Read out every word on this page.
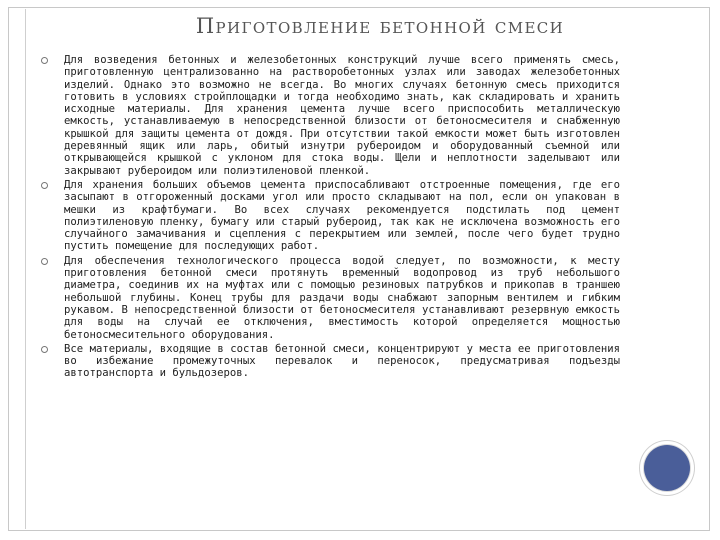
Приготовление бетонной смеси
Для возведения бетонных и железобетонных конструкций лучше всего применять смесь, приготовленную централизованно на растворобетонных узлах или заводах железобетонных изделий. Однако это возможно не всегда. Во многих случаях бетонную смесь приходится готовить в условиях стройплощадки и тогда необходимо знать, как складировать и хранить исходные материалы. Для хранения цемента лучше всего приспособить металлическую емкость, устанавливаемую в непосредственной близости от бетоносмесителя и снабженную крышкой для защиты цемента от дождя. При отсутствии такой емкости может быть изготовлен деревянный ящик или ларь, обитый изнутри рубероидом и оборудованный съемной или открывающейся крышкой с уклоном для стока воды. Щели и неплотности заделывают или закрывают рубероидом или полиэтиленовой пленкой.
Для хранения больших объемов цемента приспосабливают отстроенные помещения, где его засыпают в отгороженный досками угол или просто складывают на пол, если он упакован в мешки из крафтбумаги. Во всех случаях рекомендуется подстилать под цемент полиэтиленовую пленку, бумагу или старый рубероид, так как не исключена возможность его случайного замачивания и сцепления с перекрытием или землей, после чего будет трудно пустить помещение для последующих работ.
Для обеспечения технологического процесса водой следует, по возможности, к месту приготовления бетонной смеси протянуть временный водопровод из труб небольшого диаметра, соединив их на муфтах или с помощью резиновых патрубков и прикопав в траншею небольшой глубины. Конец трубы для раздачи воды снабжают запорным вентилем и гибким рукавом. В непосредственной близости от бетоносмесителя устанавливают резервную емкость для воды на случай ее отключения, вместимость которой определяется мощностью бетоносмесительного оборудования.
Все материалы, входящие в состав бетонной смеси, концентрируют у места ее приготовления во избежание промежуточных перевалок и переносок, предусматривая подъезды автотранспорта и бульдозеров.
